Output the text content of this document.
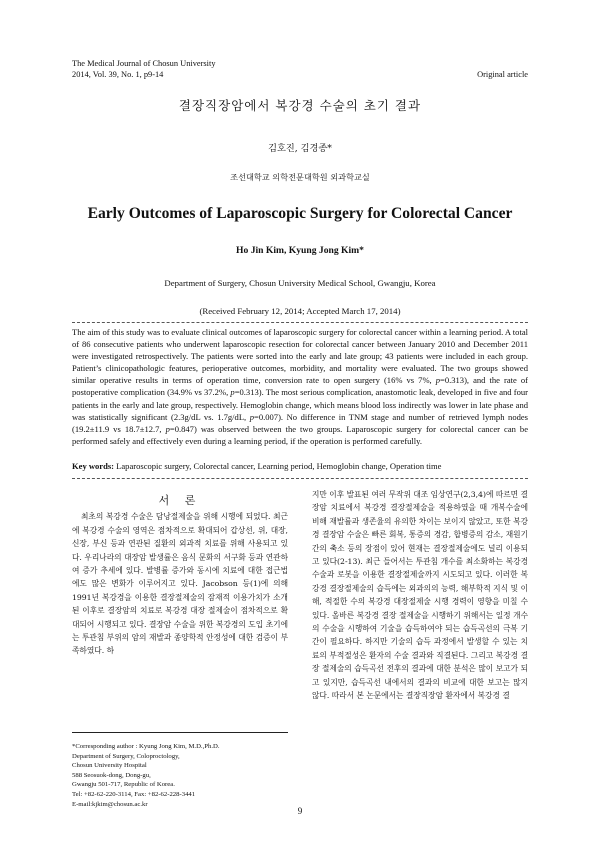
The Medical Journal of Chosun University
2014, Vol. 39, No. 1, p9-14	Original article
결장직장암에서 복강경 수술의 초기 결과
김호진, 김경종*
조선대학교 의학전문대학원 외과학교실
Early Outcomes of Laparoscopic Surgery for Colorectal Cancer
Ho Jin Kim, Kyung Jong Kim*
Department of Surgery, Chosun University Medical School, Gwangju, Korea
(Received February 12, 2014; Accepted March 17, 2014)
The aim of this study was to evaluate clinical outcomes of laparoscopic surgery for colorectal cancer within a learning period. A total of 86 consecutive patients who underwent laparoscopic resection for colorectal cancer between January 2010 and December 2011 were investigated retrospectively. The patients were sorted into the early and late group; 43 patients were included in each group. Patient’s clinicopathologic features, perioperative outcomes, morbidity, and mortality were evaluated. The two groups showed similar operative results in terms of operation time, conversion rate to open surgery (16% vs 7%, p=0.313), and the rate of postoperative complication (34.9% vs 37.2%, p=0.313). The most serious complication, anastomotic leak, developed in five and four patients in the early and late group, respectively. Hemoglobin change, which means blood loss indirectly was lower in late phase and was statistically significant (2.3g/dL vs. 1.7g/dL, p=0.007). No difference in TNM stage and number of retrieved lymph nodes (19.2±11.9 vs 18.7±12.7, p=0.847) was observed between the two groups. Laparoscopic surgery for colorectal cancer can be performed safely and effectively even during a learning period, if the operation is performed carefully.
Key words: Laparoscopic surgery, Colorectal cancer, Learning period, Hemoglobin change, Operation time
서 론

최초의 복강경 수술은 담낭절제술을 위해 시행에 되었다. 최근에 복강경 수술의 영역은 점차적으로 확대되어 갑상선, 위, 대장, 신장, 부신 등과 연관된 질환의 외과적 치료를 위해 사용되고 있다. 우리나라의 대장암 발생률은 음식 문화의 서구화 등과 연관하여 증가 추세에 있다. 발병률 증가와 동시에 치료에 대한 접근법에도 많은 변화가 이루어지고 있다. Jacobson 등(1)에 의해 1991년 복강경을 이용한 결장절제술의 잠재적 이용가치가 소개된 이후로 결장암의 치료로 복강경 대장 절제술이 점차적으로 확대되어 시행되고 있다. 결장암 수술을 위한 복강경의 도입 초기에는 투관침 부위의 암의 재발과 종양학적 안정성에 대한 검증이 부족하였다. 하

지만 이후 발표된 여러 무작위 대조 임상연구(2,3,4)에 따르면 결장암 치료에서 복강경 결장절제술을 적용하였을 때 개복수술에 비해 재발률과 생존율의 유의한 차이는 보이지 않았고, 또한 복강경 결장암 수술은 빠른 회복, 통증의 경감, 합병증의 감소, 재원기간의 축소 등의 장점이 있어 현재는 결장절제술에도 널리 이용되고 있다(2-13). 최근 들어서는 투관침 개수를 최소화하는 복강경 수술과 로봇을 이용한 결장절제술까지 시도되고 있다. 이러한 복강경 결장절제술의 습득에는 외과의의 능력, 해부학적 지식 및 이해, 적절한 수의 복강경 대장절제술 시행 경력이 영향을 미칠 수 있다. 올바른 복강경 결장 절제술을 시행하기 위해서는 일정 개수의 수술을 시행하여 기술을 습득하여야 되는 습득곡선의 극복 기간이 필요하다. 하지만 기술의 습득 과정에서 발생할 수 있는 치료의 부적절성은 환자의 수술 결과와 직결된다. 그리고 복강경 결장 절제술의 습득곡선 전후의 결과에 대한 분석은 많이 보고가 되고 있지만, 습득곡선 내에서의 결과의 비교에 대한 보고는 많지 않다. 따라서 본 논문에서는 결장직장암 환자에서 복강경 결

*Corresponding author : Kyung Jong Kim, M.D.,Ph.D.
Department of Surgery, Coloproctology,
Chosun University Hospital
588 Seosuok-dong, Dong-gu,
Gwangju 501-717, Republic of Korea.
Tel: +82-62-220-3114, Fax: +82-62-228-3441
E-mail:kjkim@chosun.ac.kr
9
